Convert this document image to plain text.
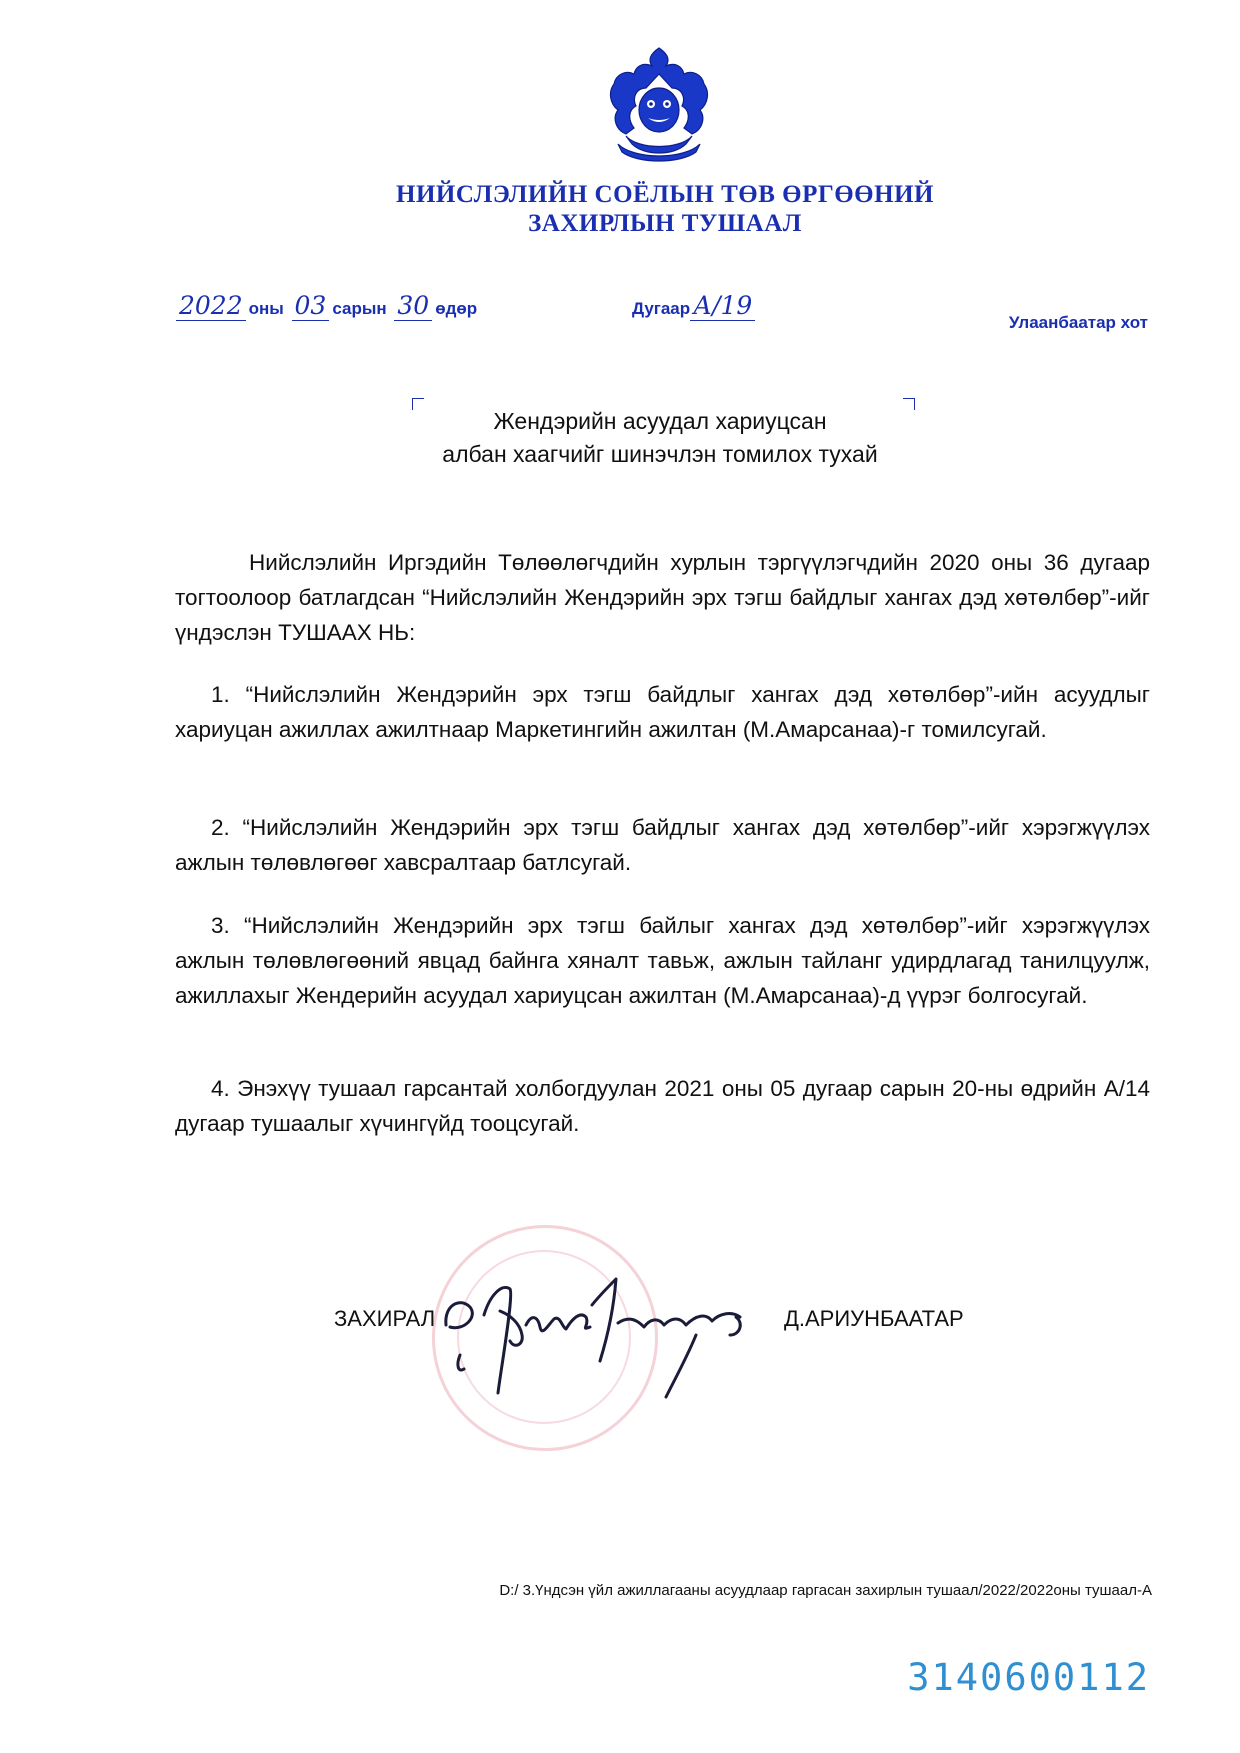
НИЙСЛЭЛИЙН СОЁЛЫН ТӨВ ӨРГӨӨНИЙ
ЗАХИРЛЫН ТУШААЛ
2022 оны 03 сарын 30 өдөр	Дугаар А/19
Улаанбаатар хот
Жендэрийн асуудал хариуцсан
албан хаагчийг шинэчлэн томилох тухай
Нийслэлийн Иргэдийн Төлөөлөгчдийн хурлын тэргүүлэгчдийн 2020 оны 36 дугаар тогтоолоор батлагдсан “Нийслэлийн Жендэрийн эрх тэгш байдлыг хангах дэд хөтөлбөр”-ийг үндэслэн ТУШААХ НЬ:
1. “Нийслэлийн Жендэрийн эрх тэгш байдлыг хангах дэд хөтөлбөр”-ийн асуудлыг хариуцан ажиллах ажилтнаар Маркетингийн ажилтан (М.Амарсанаа)-г томилсугай.
2. “Нийслэлийн Жендэрийн эрх тэгш байдлыг хангах дэд хөтөлбөр”-ийг хэрэгжүүлэх ажлын төлөвлөгөөг хавсралтаар батлсугай.
3. “Нийслэлийн Жендэрийн эрх тэгш байлыг хангах дэд хөтөлбөр”-ийг хэрэгжүүлэх ажлын төлөвлөгөөний явцад байнга хяналт тавьж, ажлын тайланг удирдлагад танилцуулж, ажиллахыг Жендерийн асуудал хариуцсан ажилтан (М.Амарсанаа)-д үүрэг болгосугай.
4. Энэхүү тушаал гарсантай холбогдуулан 2021 оны 05 дугаар сарын 20-ны өдрийн А/14 дугаар тушаалыг хүчингүйд тооцсугай.
ЗАХИРАЛ	Д.АРИУНБААТАР
D:/ 3.Үндсэн үйл ажиллагааны асуудлаар гаргасан захирлын тушаал/2022/2022оны тушаал-А
3140600112
